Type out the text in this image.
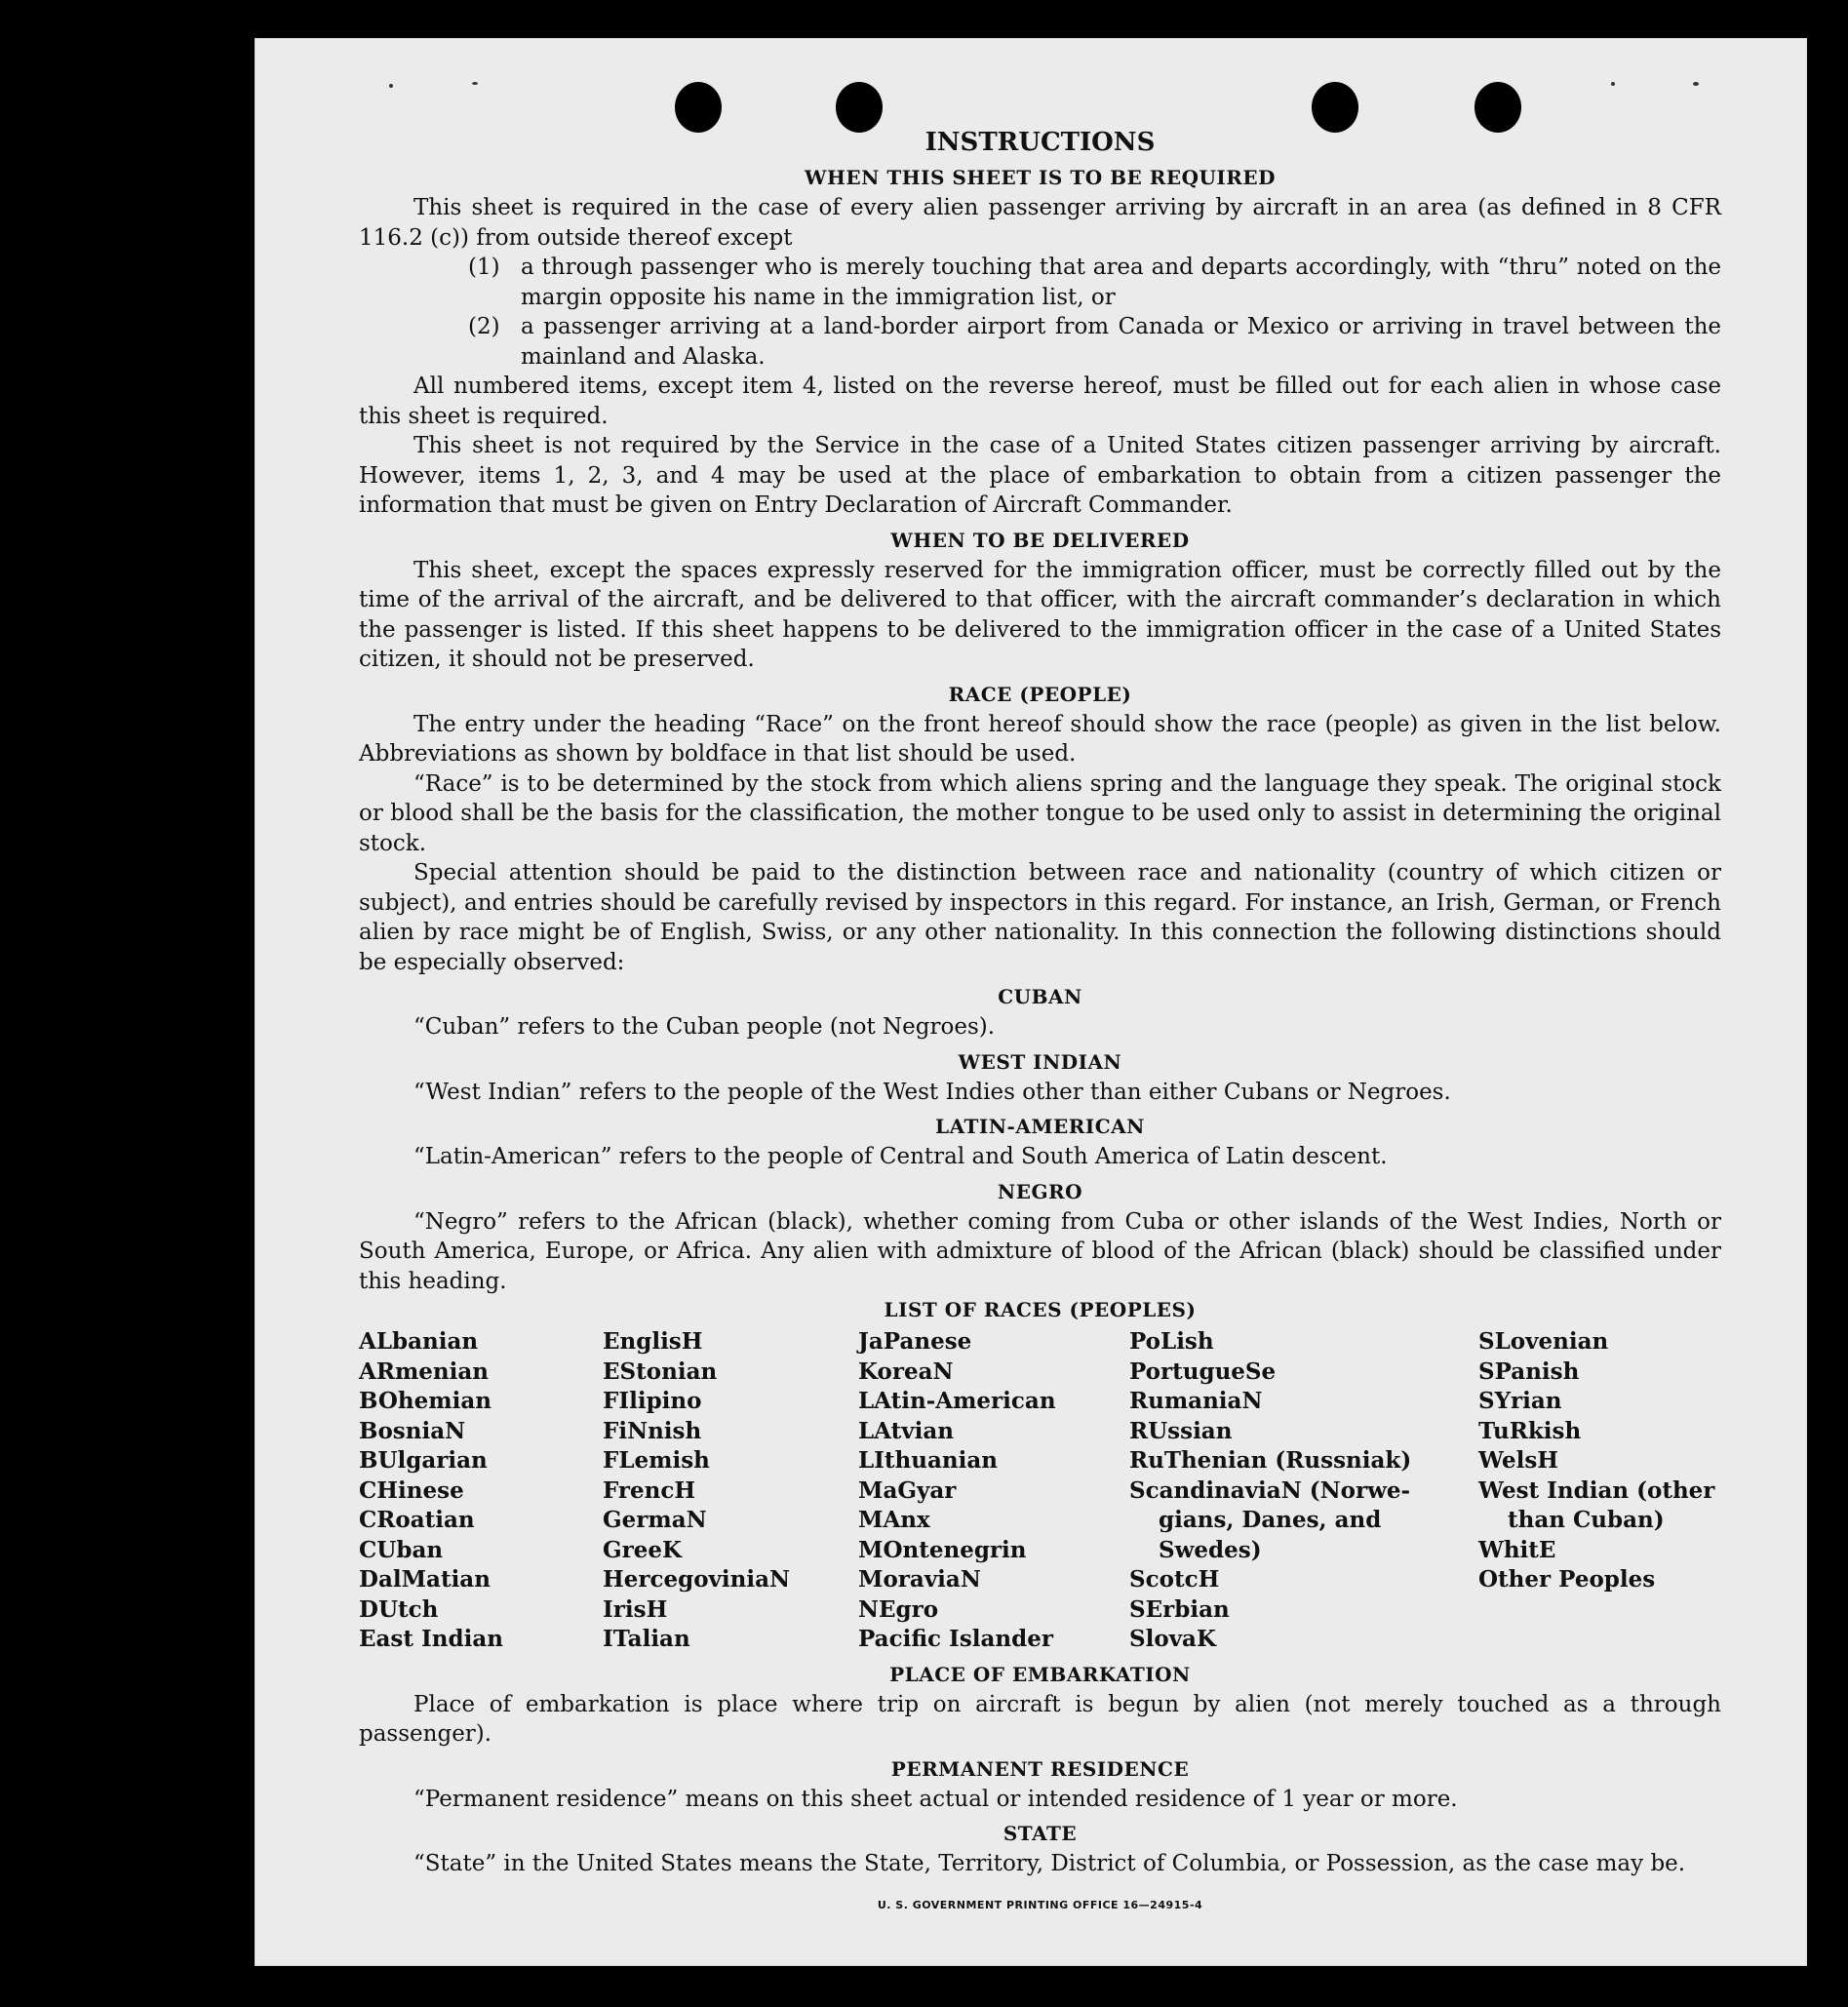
INSTRUCTIONS
WHEN THIS SHEET IS TO BE REQUIRED

This sheet is required in the case of every alien passenger arriving by aircraft in an area (as defined in 8 CFR 116.2 (c)) from outside thereof except

(1) a through passenger who is merely touching that area and departs accordingly, with “thru” noted on the margin opposite his name in the immigration list, or
(2) a passenger arriving at a land-border airport from Canada or Mexico or arriving in travel between the mainland and Alaska.

All numbered items, except item 4, listed on the reverse hereof, must be filled out for each alien in whose case this sheet is required.

This sheet is not required by the Service in the case of a United States citizen passenger arriving by aircraft. However, items 1, 2, 3, and 4 may be used at the place of embarkation to obtain from a citizen passenger the information that must be given on Entry Declaration of Aircraft Commander.

WHEN TO BE DELIVERED

This sheet, except the spaces expressly reserved for the immigration officer, must be correctly filled out by the time of the arrival of the aircraft, and be delivered to that officer, with the aircraft commander’s declaration in which the passenger is listed. If this sheet happens to be delivered to the immigration officer in the case of a United States citizen, it should not be preserved.

RACE (PEOPLE)

The entry under the heading “Race” on the front hereof should show the race (people) as given in the list below. Abbreviations as shown by boldface in that list should be used.

“Race” is to be determined by the stock from which aliens spring and the language they speak. The original stock or blood shall be the basis for the classification, the mother tongue to be used only to assist in determining the original stock.

Special attention should be paid to the distinction between race and nationality (country of which citizen or subject), and entries should be carefully revised by inspectors in this regard. For instance, an Irish, German, or French alien by race might be of English, Swiss, or any other nationality. In this connection the following distinctions should be especially observed:

CUBAN

“Cuban” refers to the Cuban people (not Negroes).

WEST INDIAN

“West Indian” refers to the people of the West Indies other than either Cubans or Negroes.

LATIN-AMERICAN

“Latin-American” refers to the people of Central and South America of Latin descent.

NEGRO

“Negro” refers to the African (black), whether coming from Cuba or other islands of the West Indies, North or South America, Europe, or Africa. Any alien with admixture of blood of the African (black) should be classified under this heading.

LIST OF RACES (PEOPLES)
ALbanian	EnglisH	JaPanese	PoLish	SLovenian
ARmenian	EStonian	KoreaN	PortugueSe	SPanish
BOhemian	FIlipino	LAtin-American	RumaniaN	SYrian
BosniaN	FiNnish	LAtvian	RUssian	TuRkish
BUlgarian	FLemish	LIthuanian	RuThenian (Russniak)	WelsH
CHinese	FrencH	MaGyar	ScandinaviaN (Norwe-	West Indian (other
CRoatian	GermaN	MAnx	gians, Danes, and	than Cuban)
CUban	GreeK	MOntenegrin	Swedes)	WhitE
DalMatian	HercegoviniaN	MoraviaN	ScotcH	Other Peoples
DUtch	IrisH	NEgro	SErbian
East Indian	ITalian	Pacific Islander	SlovaK
PLACE OF EMBARKATION

Place of embarkation is place where trip on aircraft is begun by alien (not merely touched as a through passenger).

PERMANENT RESIDENCE

“Permanent residence” means on this sheet actual or intended residence of 1 year or more.

STATE

“State” in the United States means the State, Territory, District of Columbia, or Possession, as the case may be.

U. S. GOVERNMENT PRINTING OFFICE 16—24915‑4
